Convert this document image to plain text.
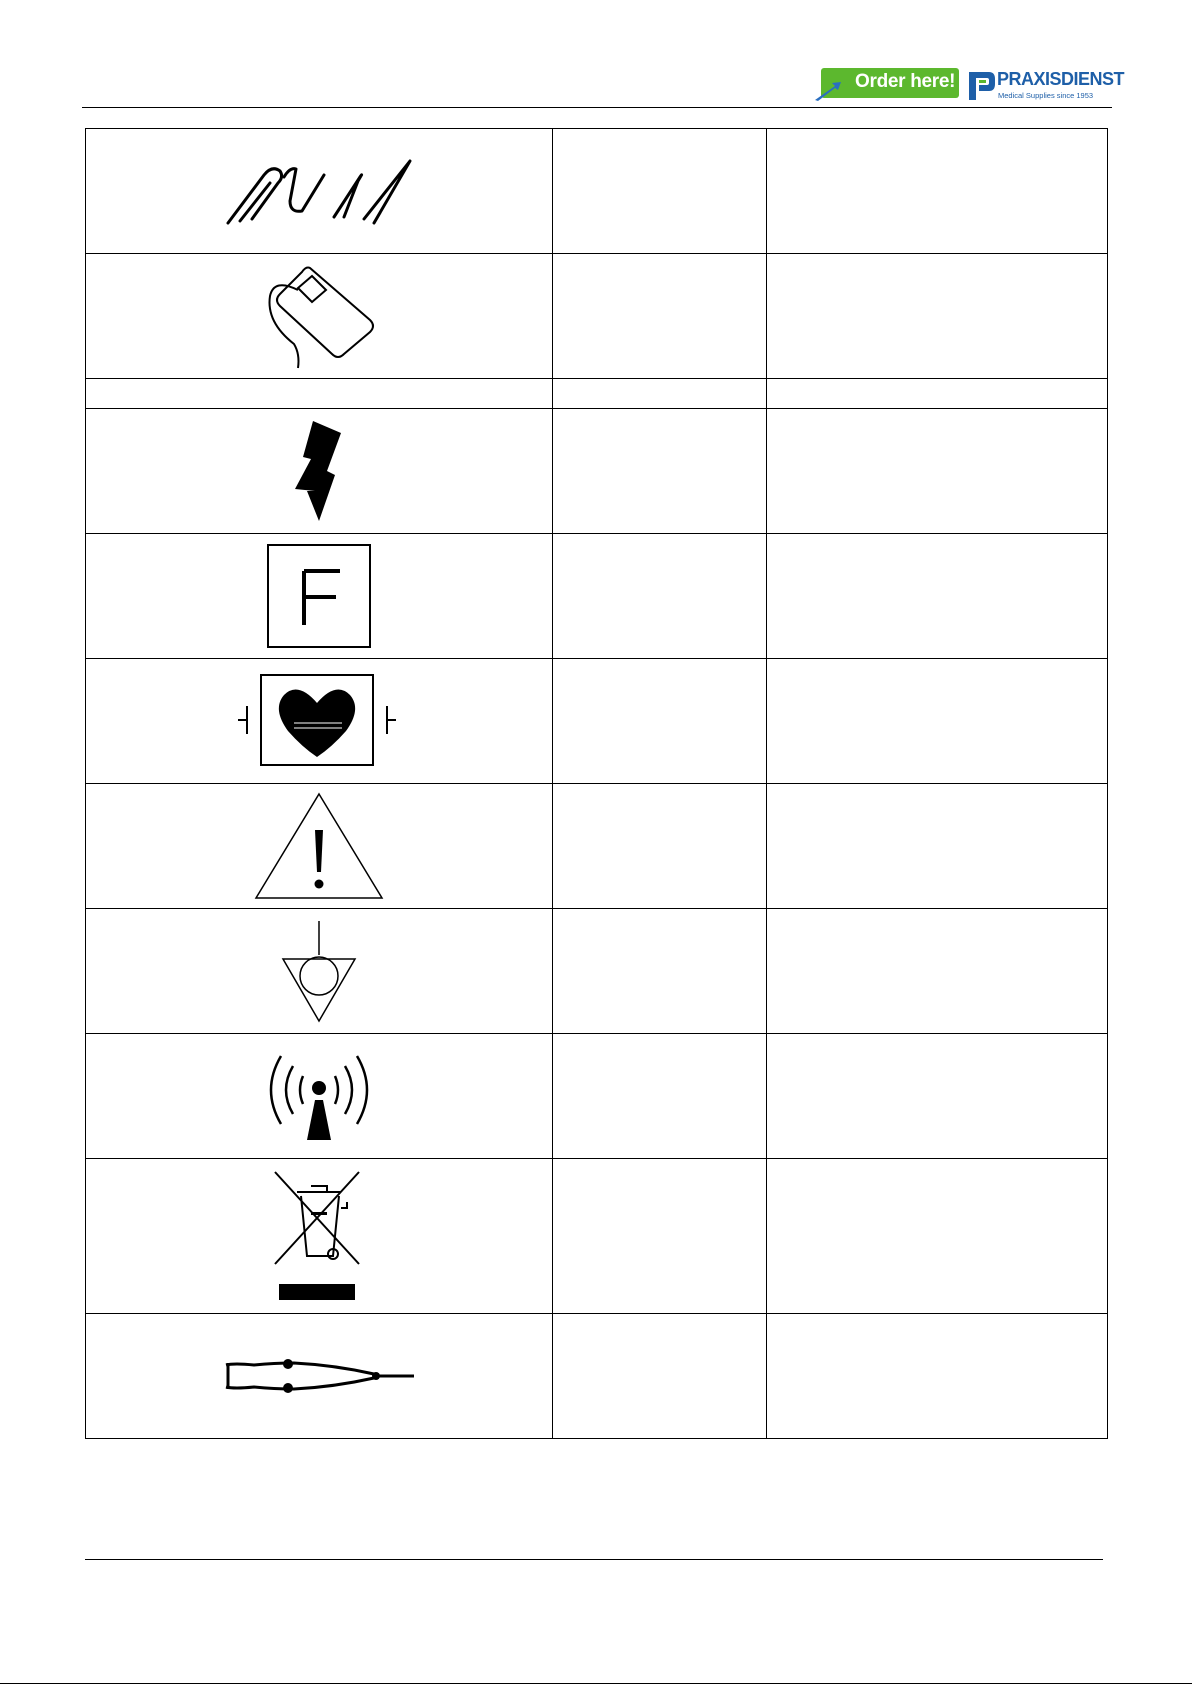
Order here! PRAXISDIENST
Medical Supplies since 1953
